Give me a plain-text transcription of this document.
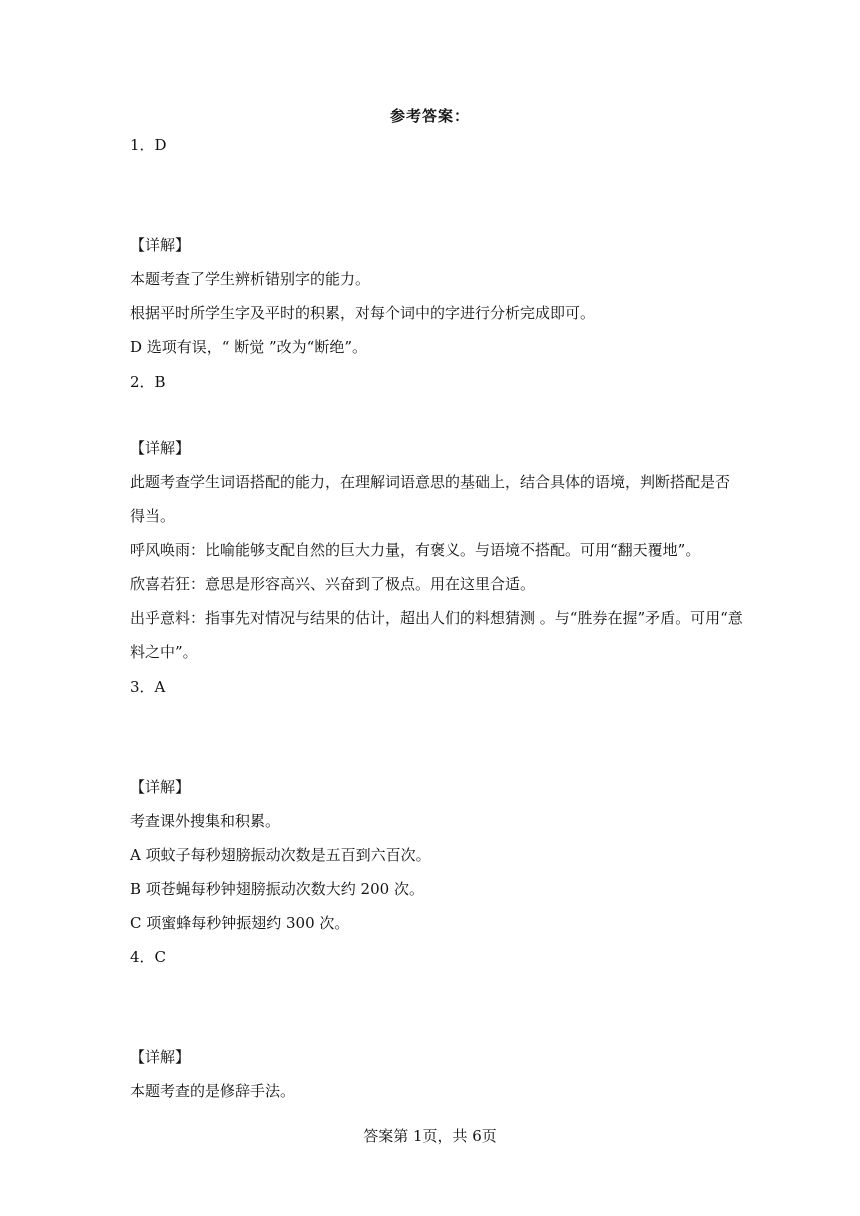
参考答案：
1．D
【详解】
本题考查了学生辨析错别字的能力。
根据平时所学生字及平时的积累，对每个词中的字进行分析完成即可。
D 选项有误，“ 断觉 ”改为“断绝”。
2．B
【详解】
此题考查学生词语搭配的能力，在理解词语意思的基础上，结合具体的语境，判断搭配是否
得当。
呼风唤雨：比喻能够支配自然的巨大力量，有褒义。与语境不搭配。可用“翻天覆地”。
欣喜若狂：意思是形容高兴、兴奋到了极点。用在这里合适。
出乎意料：指事先对情况与结果的估计，超出人们的料想猜测 。与“胜券在握”矛盾。可用“意
料之中”。
3．A
【详解】
考查课外搜集和积累。
A 项蚊子每秒翅膀振动次数是五百到六百次。
B 项苍蝇每秒钟翅膀振动次数大约 200 次。
C 项蜜蜂每秒钟振翅约 300 次。
4．C
【详解】
本题考查的是修辞手法。
答案第 1页，共 6页
